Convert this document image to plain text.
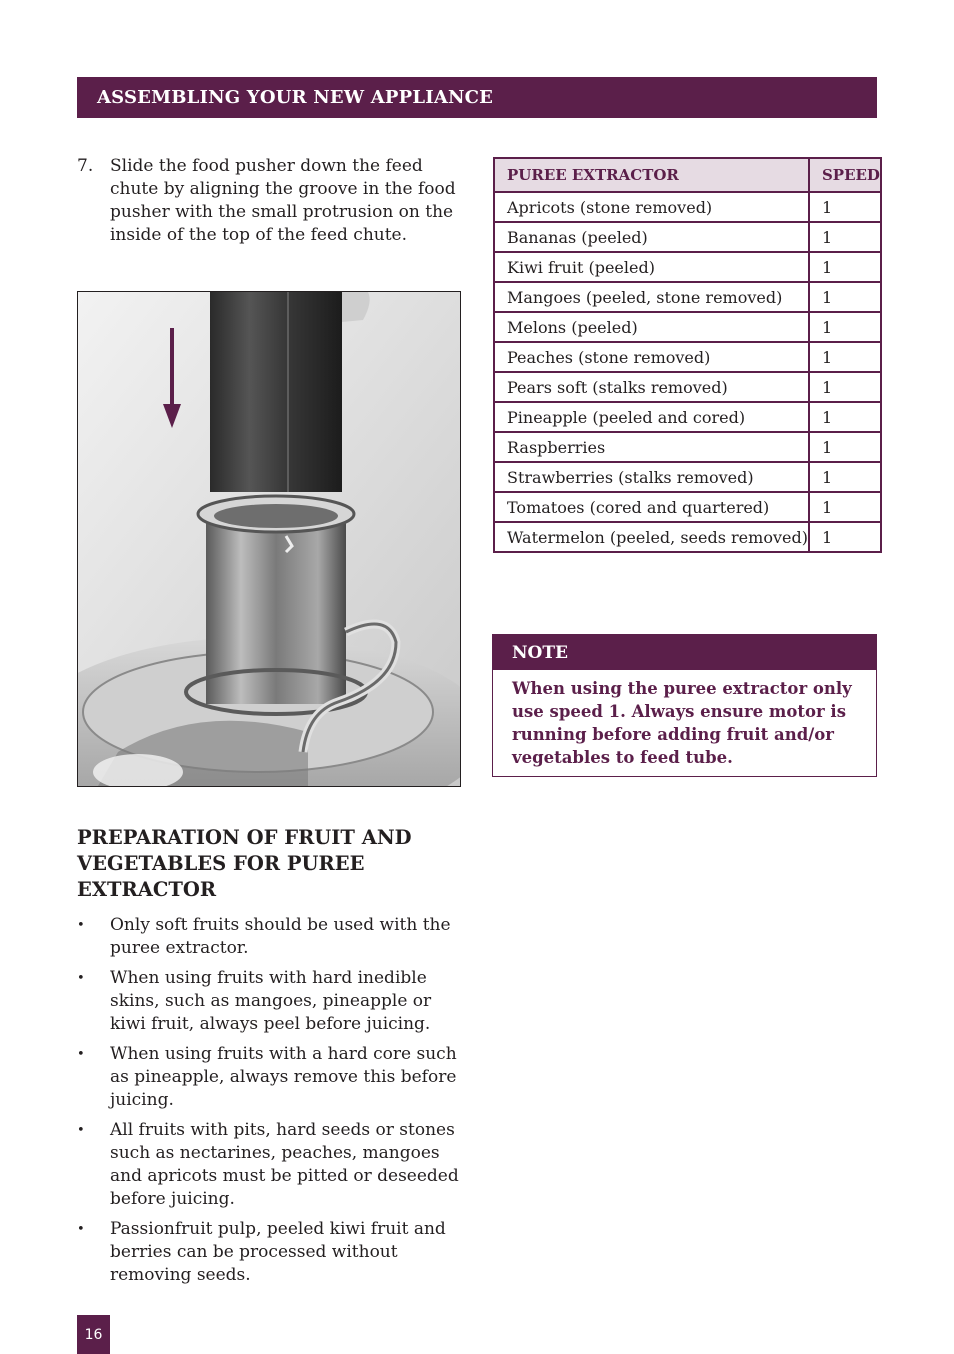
ASSEMBLING YOUR NEW APPLIANCE
7. Slide the food pusher down the feed chute by aligning the groove in the food pusher with the small protrusion on the inside of the top of the feed chute.
PUREE EXTRACTOR	SPEED
Apricots (stone removed)	1
Bananas (peeled)	1
Kiwi fruit (peeled)	1
Mangoes (peeled, stone removed)	1
Melons (peeled)	1
Peaches (stone removed)	1
Pears soft (stalks removed)	1
Pineapple (peeled and cored)	1
Raspberries	1
Strawberries (stalks removed)	1
Tomatoes (cored and quartered)	1
Watermelon (peeled, seeds removed)	1
NOTE
When using the puree extractor only use speed 1. Always ensure motor is running before adding fruit and/or vegetables to feed tube.
PREPARATION OF FRUIT AND VEGETABLES FOR PUREE EXTRACTOR
• Only soft fruits should be used with the puree extractor.
• When using fruits with hard inedible skins, such as mangoes, pineapple or kiwi fruit, always peel before juicing.
• When using fruits with a hard core such as pineapple, always remove this before juicing.
• All fruits with pits, hard seeds or stones such as nectarines, peaches, mangoes and apricots must be pitted or deseeded before juicing.
• Passionfruit pulp, peeled kiwi fruit and berries can be processed without removing seeds.
16
